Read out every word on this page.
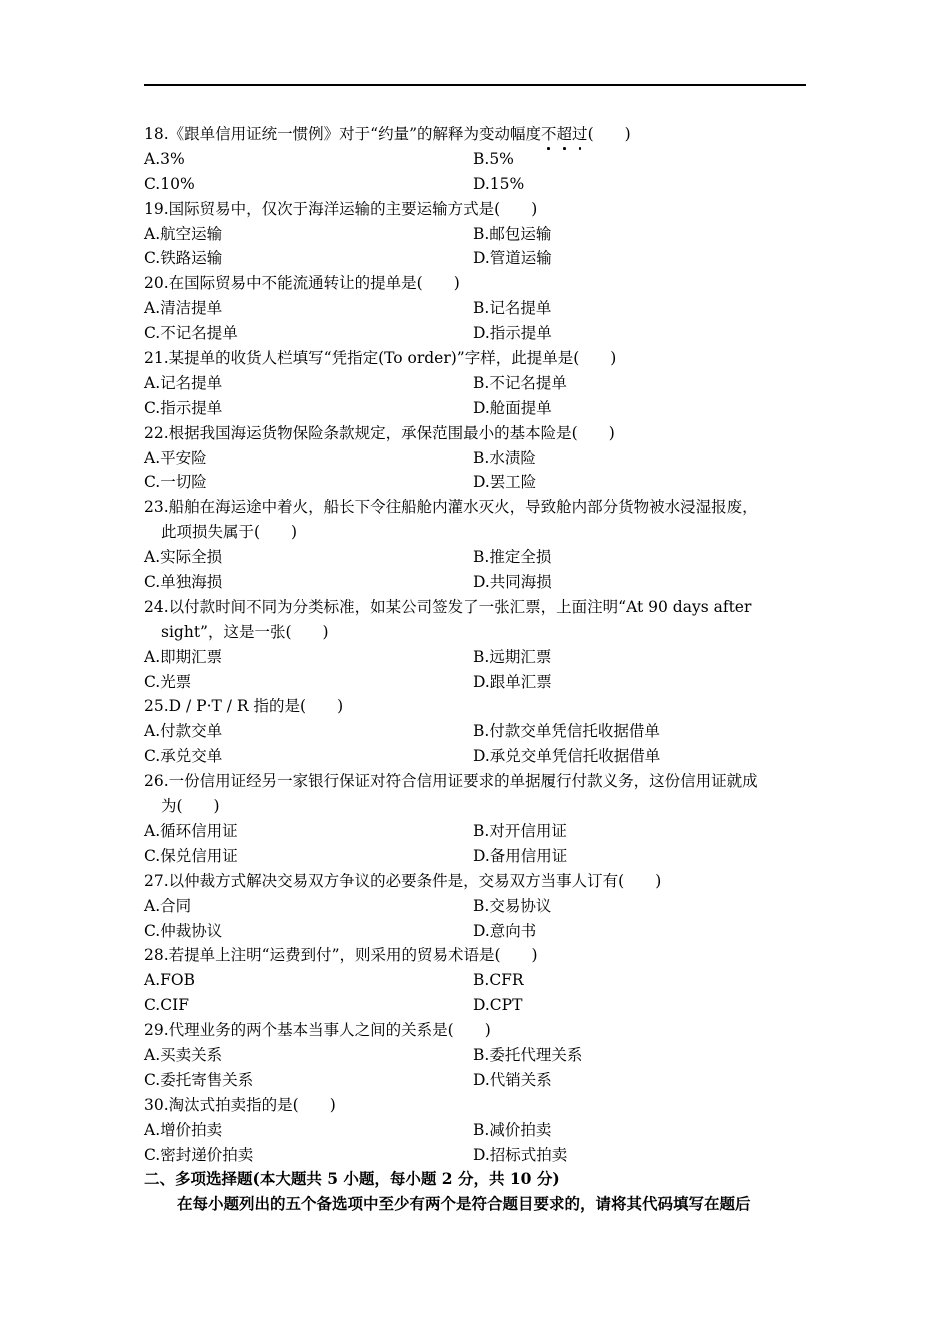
18.《跟单信用证统一惯例》对于“约量”的解释为变动幅度不超过(　　)
A.3%	B.5%
C.10%	D.15%
19.国际贸易中，仅次于海洋运输的主要运输方式是(　　)
A.航空运输	B.邮包运输
C.铁路运输	D.管道运输
20.在国际贸易中不能流通转让的提单是(　　)
A.清洁提单	B.记名提单
C.不记名提单	D.指示提单
21.某提单的收货人栏填写“凭指定(To order)”字样，此提单是(　　)
A.记名提单	B.不记名提单
C.指示提单	D.舱面提单
22.根据我国海运货物保险条款规定，承保范围最小的基本险是(　　)
A.平安险	B.水渍险
C.一切险	D.罢工险
23.船舶在海运途中着火，船长下令往船舱内灌水灭火，导致舱内部分货物被水浸湿报废，
此项损失属于(　　)
A.实际全损	B.推定全损
C.单独海损	D.共同海损
24.以付款时间不同为分类标准，如某公司签发了一张汇票，上面注明“At 90 days after
sight”，这是一张(　　)
A.即期汇票	B.远期汇票
C.光票	D.跟单汇票
25.D / P·T / R 指的是(　　)
A.付款交单	B.付款交单凭信托收据借单
C.承兑交单	D.承兑交单凭信托收据借单
26.一份信用证经另一家银行保证对符合信用证要求的单据履行付款义务，这份信用证就成
为(　　)
A.循环信用证	B.对开信用证
C.保兑信用证	D.备用信用证
27.以仲裁方式解决交易双方争议的必要条件是，交易双方当事人订有(　　)
A.合同	B.交易协议
C.仲裁协议	D.意向书
28.若提单上注明“运费到付”，则采用的贸易术语是(　　)
A.FOB	B.CFR
C.CIF	D.CPT
29.代理业务的两个基本当事人之间的关系是(　　)
A.买卖关系	B.委托代理关系
C.委托寄售关系	D.代销关系
30.淘汰式拍卖指的是(　　)
A.增价拍卖	B.减价拍卖
C.密封递价拍卖	D.招标式拍卖
二、多项选择题(本大题共 5 小题，每小题 2 分，共 10 分)
在每小题列出的五个备选项中至少有两个是符合题目要求的，请将其代码填写在题后
